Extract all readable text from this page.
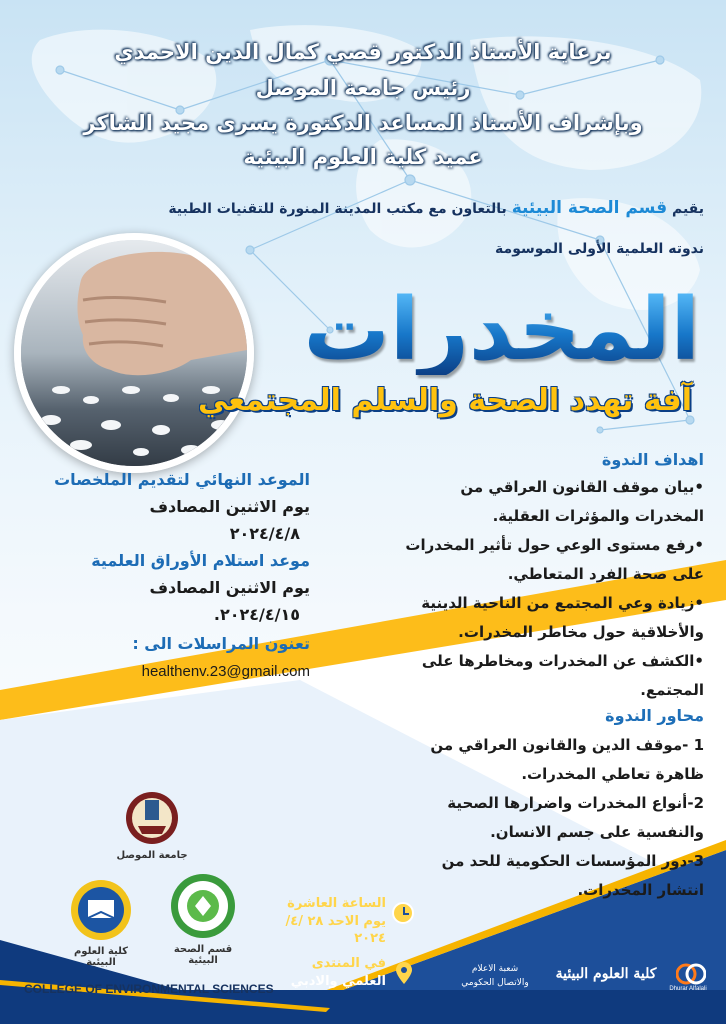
برعاية الأستاذ الدكتور قصي كمال الدين الاحمدي
رئيس جامعة الموصل
وبإشراف الأستاذ المساعد الدكتورة يسرى مجيد الشاكر
عميد كلية العلوم البيئية
يقيم قسم الصحة البيئية بالتعاون مع مكتب المدينة المنورة للتقنيات الطبية
ندوته العلمية الأولى الموسومة
المخدرات
آفة تهدد الصحة والسلم المجتمعي
اهداف الندوة
•بيان موقف القانون العراقي من
المخدرات والمؤثرات العقلية.
•رفع مستوى الوعي حول تأثير المخدرات
على صحة الفرد المتعاطي.
•زيادة وعي المجتمع من الناحية الدينية
والأخلاقية حول مخاطر المخدرات.
•الكشف عن المخدرات ومخاطرها على
المجتمع.
محاور الندوة
1 -موقف الدين والقانون العراقي من
ظاهرة تعاطي المخدرات.
2-أنواع المخدرات واضرارها الصحية
والنفسية على جسم الانسان.
3-دور المؤسسات الحكومية للحد من
انتشار المخدرات.
الموعد النهائي لتقديم الملخصات
يوم الاثنين المصادف
٢٠٢٤/٤/٨
موعد استلام الأوراق العلمية
يوم الاثنين المصادف
٢٠٢٤/٤/١٥.
تعنون المراسلات الى :
healthenv.23@gmail.com
جامعة الموصل
كلية العلوم البيئية
قسم الصحة البيئية
COLLEGE OF ENVIRONMENTAL SCIENCES
الساعة العاشرة
يوم الاحد ٢٨ /٤/ ٢٠٢٤
في المنتدى
العلمي والادبي
شعبة الاعلام
والاتصال الحكومي
كلية العلوم البيئية
Dhurar Alfalali
